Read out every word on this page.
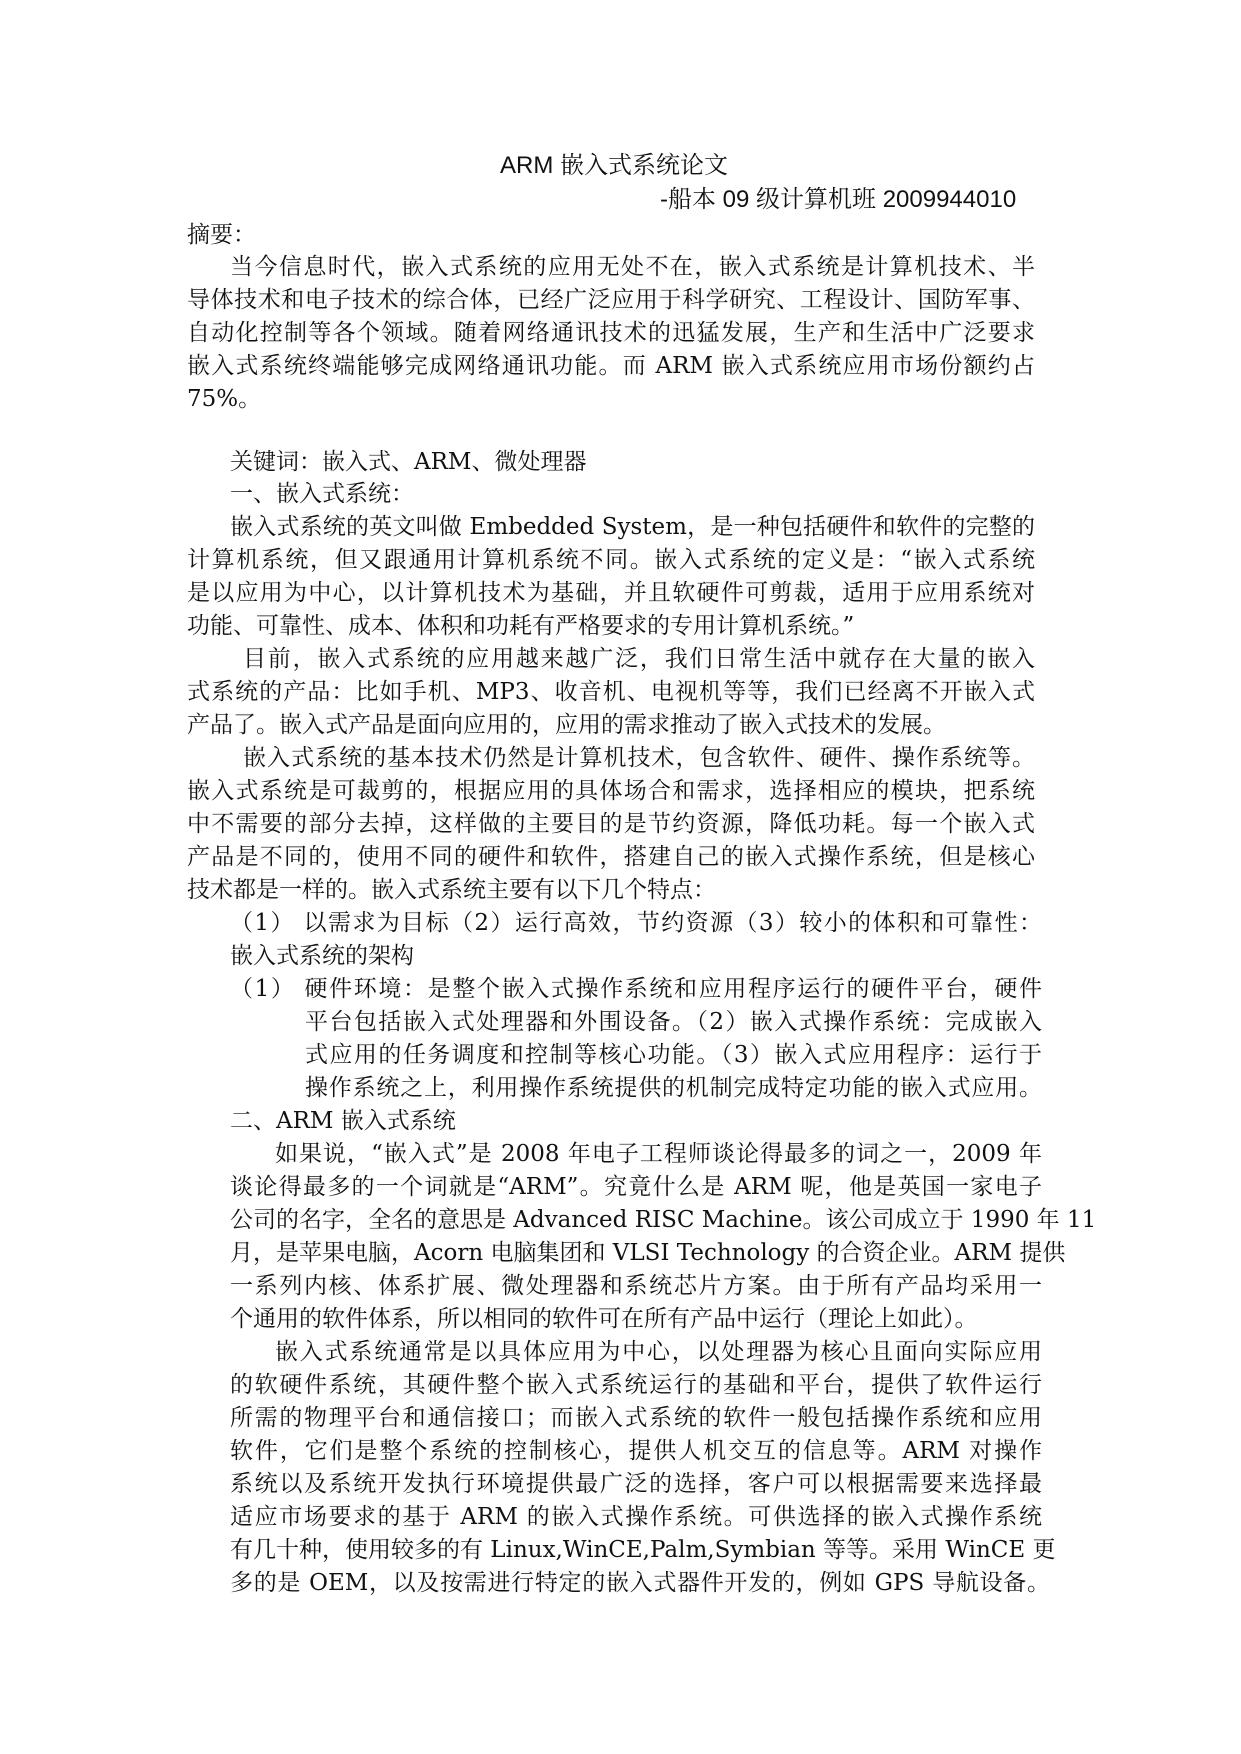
ARM 嵌入式系统论文
-船本 09 级计算机班 2009944010
摘要：
当今信息时代，嵌入式系统的应用无处不在，嵌入式系统是计算机技术、半
导体技术和电子技术的综合体，已经广泛应用于科学研究、工程设计、国防军事、
自动化控制等各个领域。随着网络通讯技术的迅猛发展，生产和生活中广泛要求
嵌入式系统终端能够完成网络通讯功能。而 ARM 嵌入式系统应用市场份额约占
75%。
关键词：嵌入式、ARM、微处理器
一、嵌入式系统：
嵌入式系统的英文叫做 Embedded System，是一种包括硬件和软件的完整的
计算机系统，但又跟通用计算机系统不同。嵌入式系统的定义是：“嵌入式系统
是以应用为中心，以计算机技术为基础，并且软硬件可剪裁，适用于应用系统对
功能、可靠性、成本、体积和功耗有严格要求的专用计算机系统。”
目前，嵌入式系统的应用越来越广泛，我们日常生活中就存在大量的嵌入
式系统的产品：比如手机、MP3、收音机、电视机等等，我们已经离不开嵌入式
产品了。嵌入式产品是面向应用的，应用的需求推动了嵌入式技术的发展。
嵌入式系统的基本技术仍然是计算机技术，包含软件、硬件、操作系统等。
嵌入式系统是可裁剪的，根据应用的具体场合和需求，选择相应的模块，把系统
中不需要的部分去掉，这样做的主要目的是节约资源，降低功耗。每一个嵌入式
产品是不同的，使用不同的硬件和软件，搭建自己的嵌入式操作系统，但是核心
技术都是一样的。嵌入式系统主要有以下几个特点：
（1） 以需求为目标（2）运行高效，节约资源（3）较小的体积和可靠性：
嵌入式系统的架构
（1） 硬件环境：是整个嵌入式操作系统和应用程序运行的硬件平台，硬件
平台包括嵌入式处理器和外围设备。（2）嵌入式操作系统：完成嵌入
式应用的任务调度和控制等核心功能。（3）嵌入式应用程序：运行于
操作系统之上，利用操作系统提供的机制完成特定功能的嵌入式应用。
二、ARM 嵌入式系统
如果说，“嵌入式”是 2008 年电子工程师谈论得最多的词之一，2009 年
谈论得最多的一个词就是“ARM”。究竟什么是 ARM 呢，他是英国一家电子
公司的名字，全名的意思是 Advanced RISC Machine。该公司成立于 1990 年 11
月，是苹果电脑，Acorn 电脑集团和 VLSI Technology 的合资企业。ARM 提供
一系列内核、体系扩展、微处理器和系统芯片方案。由于所有产品均采用一
个通用的软件体系，所以相同的软件可在所有产品中运行（理论上如此）。
嵌入式系统通常是以具体应用为中心，以处理器为核心且面向实际应用
的软硬件系统，其硬件整个嵌入式系统运行的基础和平台，提供了软件运行
所需的物理平台和通信接口；而嵌入式系统的软件一般包括操作系统和应用
软件，它们是整个系统的控制核心，提供人机交互的信息等。ARM 对操作
系统以及系统开发执行环境提供最广泛的选择，客户可以根据需要来选择最
适应市场要求的基于 ARM 的嵌入式操作系统。可供选择的嵌入式操作系统
有几十种，使用较多的有 Linux,WinCE,Palm,Symbian 等等。采用 WinCE 更
多的是 OEM，以及按需进行特定的嵌入式器件开发的，例如 GPS 导航设备。
